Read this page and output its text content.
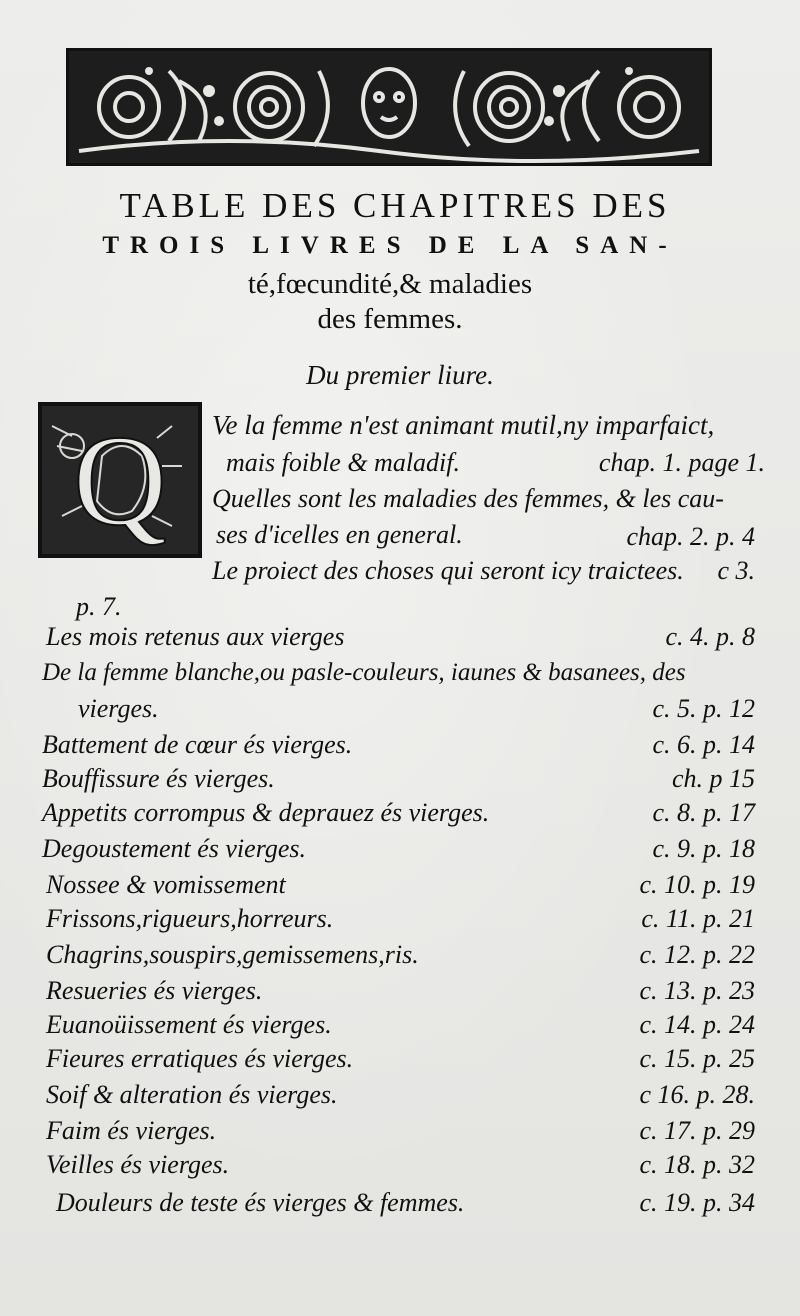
TABLE DES CHAPITRES DES
TROIS LIVRES DE LA SAN-
té,fœcundité,& maladies
des femmes.
Du premier liure.
Q Ve la femme n'est animant mutil,ny imparfaict,
mais foible & maladif.	chap. 1. page 1.
Quelles sont les maladies des femmes, & les cau-
ses d'icelles en general.	chap. 2. p. 4
Le proiect des choses qui seront icy traictees.	c 3.
p. 7.
Les mois retenus aux vierges	c. 4. p. 8
De la femme blanche,ou pasle-couleurs, iaunes & basanees, des
vierges.	c. 5. p. 12
Battement de cœur és vierges.	c. 6. p. 14
Bouffissure és vierges.	ch. p 15
Appetits corrompus & deprauez és vierges.	c. 8. p. 17
Degoustement és vierges.	c. 9. p. 18
Nossee & vomissement	c. 10. p. 19
Frissons,rigueurs,horreurs.	c. 11. p. 21
Chagrins,souspirs,gemissemens,ris.	c. 12. p. 22
Resueries és vierges.	c. 13. p. 23
Euanoüissement és vierges.	c. 14. p. 24
Fieures erratiques és vierges.	c. 15. p. 25
Soif & alteration és vierges.	c 16. p. 28.
Faim és vierges.	c. 17. p. 29
Veilles és vierges.	c. 18. p. 32
Douleurs de teste és vierges & femmes.	c. 19. p. 34
